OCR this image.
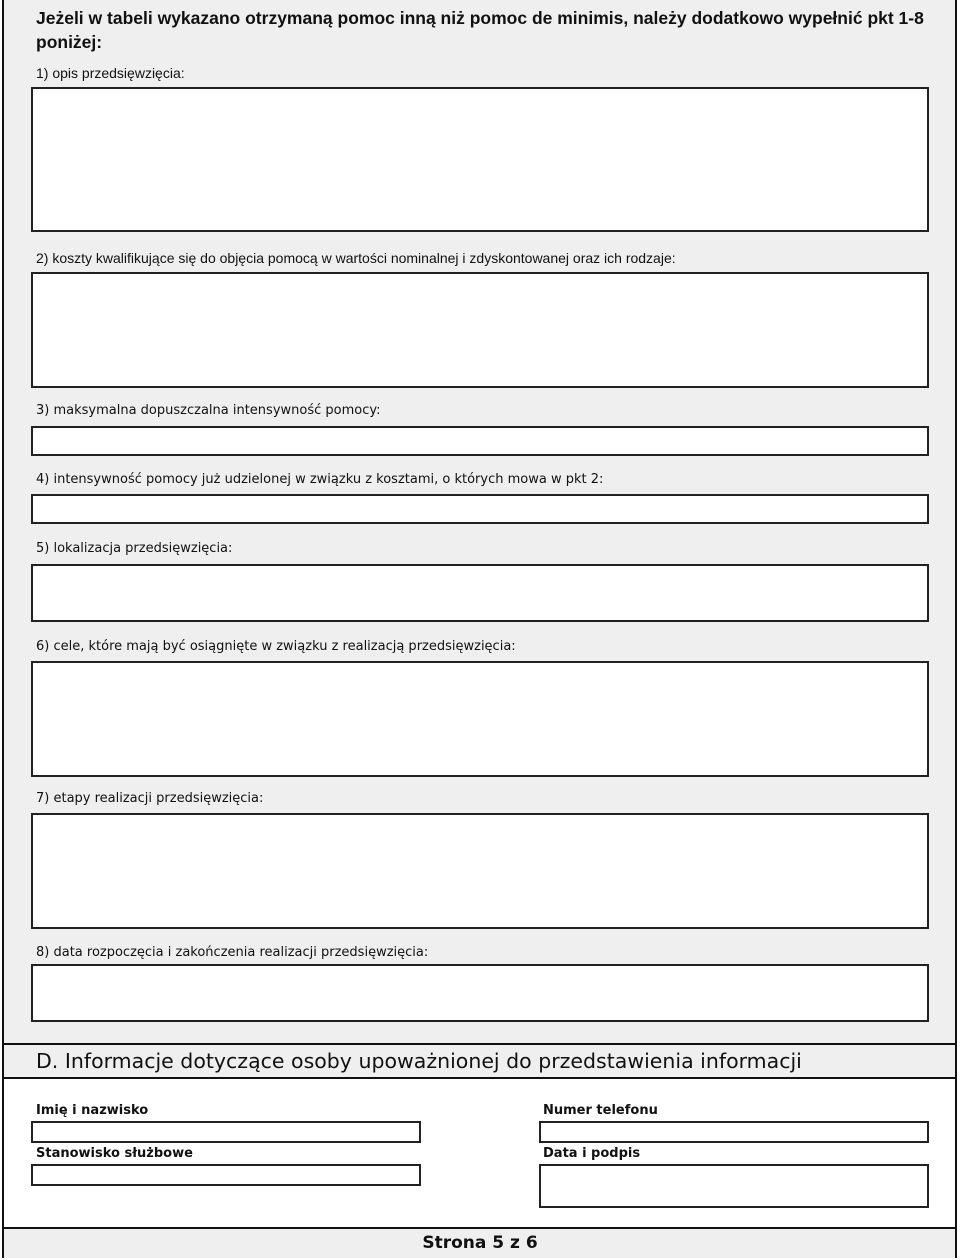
Jeżeli w tabeli wykazano otrzymaną pomoc inną niż pomoc de minimis, należy dodatkowo wypełnić pkt 1-8 poniżej:
1) opis przedsięwzięcia:
2) koszty kwalifikujące się do objęcia pomocą w wartości nominalnej i zdyskontowanej oraz ich rodzaje:
3) maksymalna dopuszczalna intensywność pomocy:
4) intensywność pomocy już udzielonej w związku z kosztami, o których mowa w pkt 2:
5) lokalizacja przedsięwzięcia:
6) cele, które mają być osiągnięte w związku z realizacją przedsięwzięcia:
7) etapy realizacji przedsięwzięcia:
8) data rozpoczęcia i zakończenia realizacji przedsięwzięcia:
D. Informacje dotyczące osoby upoważnionej do przedstawienia informacji
Imię i nazwisko	Numer telefonu
Stanowisko służbowe	Data i podpis
Strona 5 z 6
